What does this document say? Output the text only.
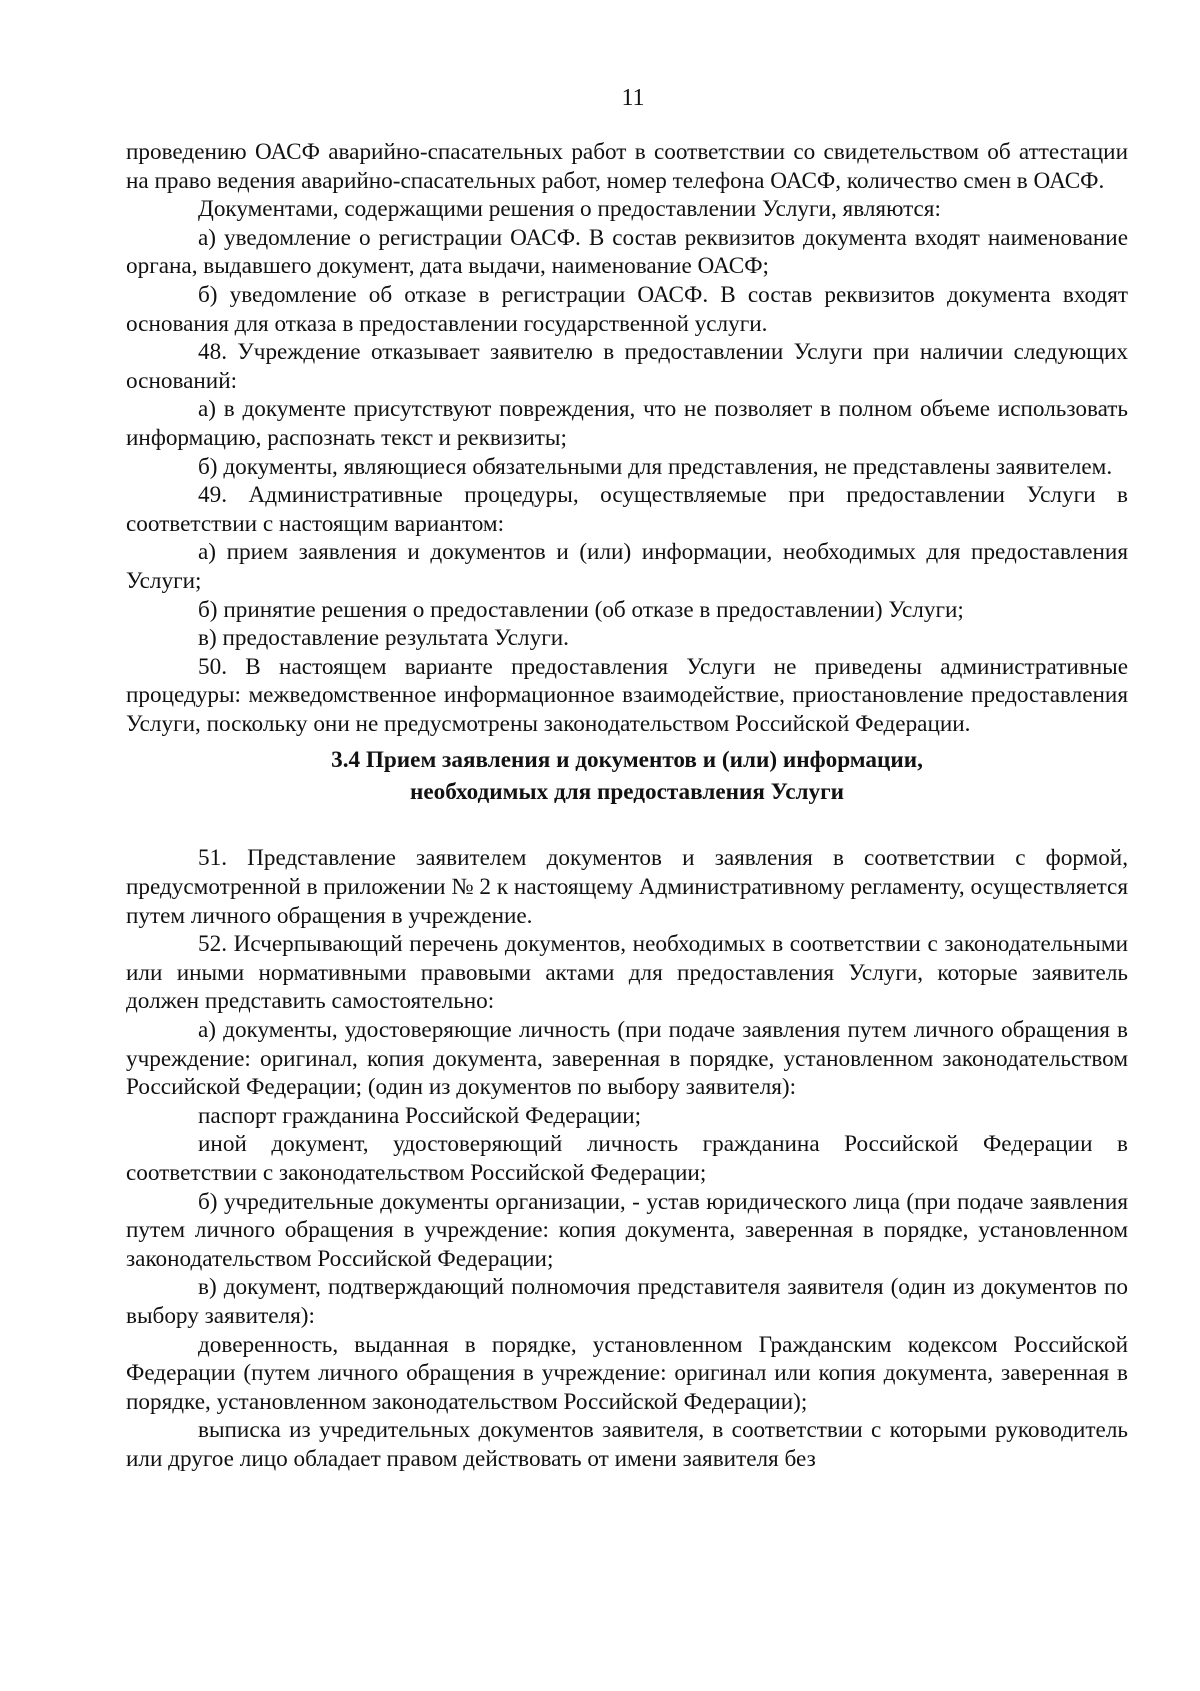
11

проведению ОАСФ аварийно-спасательных работ в соответствии со свидетельством об аттестации на право ведения аварийно-спасательных работ, номер телефона ОАСФ, количество смен в ОАСФ.

Документами, содержащими решения о предоставлении Услуги, являются:

а) уведомление о регистрации ОАСФ. В состав реквизитов документа входят наименование органа, выдавшего документ, дата выдачи, наименование ОАСФ;

б) уведомление об отказе в регистрации ОАСФ. В состав реквизитов документа входят основания для отказа в предоставлении государственной услуги.

48. Учреждение отказывает заявителю в предоставлении Услуги при наличии следующих оснований:

а) в документе присутствуют повреждения, что не позволяет в полном объеме использовать информацию, распознать текст и реквизиты;

б) документы, являющиеся обязательными для представления, не представлены заявителем.

49. Административные процедуры, осуществляемые при предоставлении Услуги в соответствии с настоящим вариантом:

а) прием заявления и документов и (или) информации, необходимых для предоставления Услуги;

б) принятие решения о предоставлении (об отказе в предоставлении) Услуги;

в) предоставление результата Услуги.

50. В настоящем варианте предоставления Услуги не приведены административные процедуры: межведомственное информационное взаимодействие, приостановление предоставления Услуги, поскольку они не предусмотрены законодательством Российской Федерации.

3.4 Прием заявления и документов и (или) информации,
необходимых для предоставления Услуги

51. Представление заявителем документов и заявления в соответствии с формой, предусмотренной в приложении № 2 к настоящему Административному регламенту, осуществляется путем личного обращения в учреждение.

52. Исчерпывающий перечень документов, необходимых в соответствии с законодательными или иными нормативными правовыми актами для предоставления Услуги, которые заявитель должен представить самостоятельно:

а) документы, удостоверяющие личность (при подаче заявления путем личного обращения в учреждение: оригинал, копия документа, заверенная в порядке, установленном законодательством Российской Федерации; (один из документов по выбору заявителя):

паспорт гражданина Российской Федерации;

иной документ, удостоверяющий личность гражданина Российской Федерации в соответствии с законодательством Российской Федерации;

б) учредительные документы организации, - устав юридического лица (при подаче заявления путем личного обращения в учреждение: копия документа, заверенная в порядке, установленном законодательством Российской Федерации;

в) документ, подтверждающий полномочия представителя заявителя (один из документов по выбору заявителя):

доверенность, выданная в порядке, установленном Гражданским кодексом Российской Федерации (путем личного обращения в учреждение: оригинал или копия документа, заверенная в порядке, установленном законодательством Российской Федерации);

выписка из учредительных документов заявителя, в соответствии с которыми руководитель или другое лицо обладает правом действовать от имени заявителя без
